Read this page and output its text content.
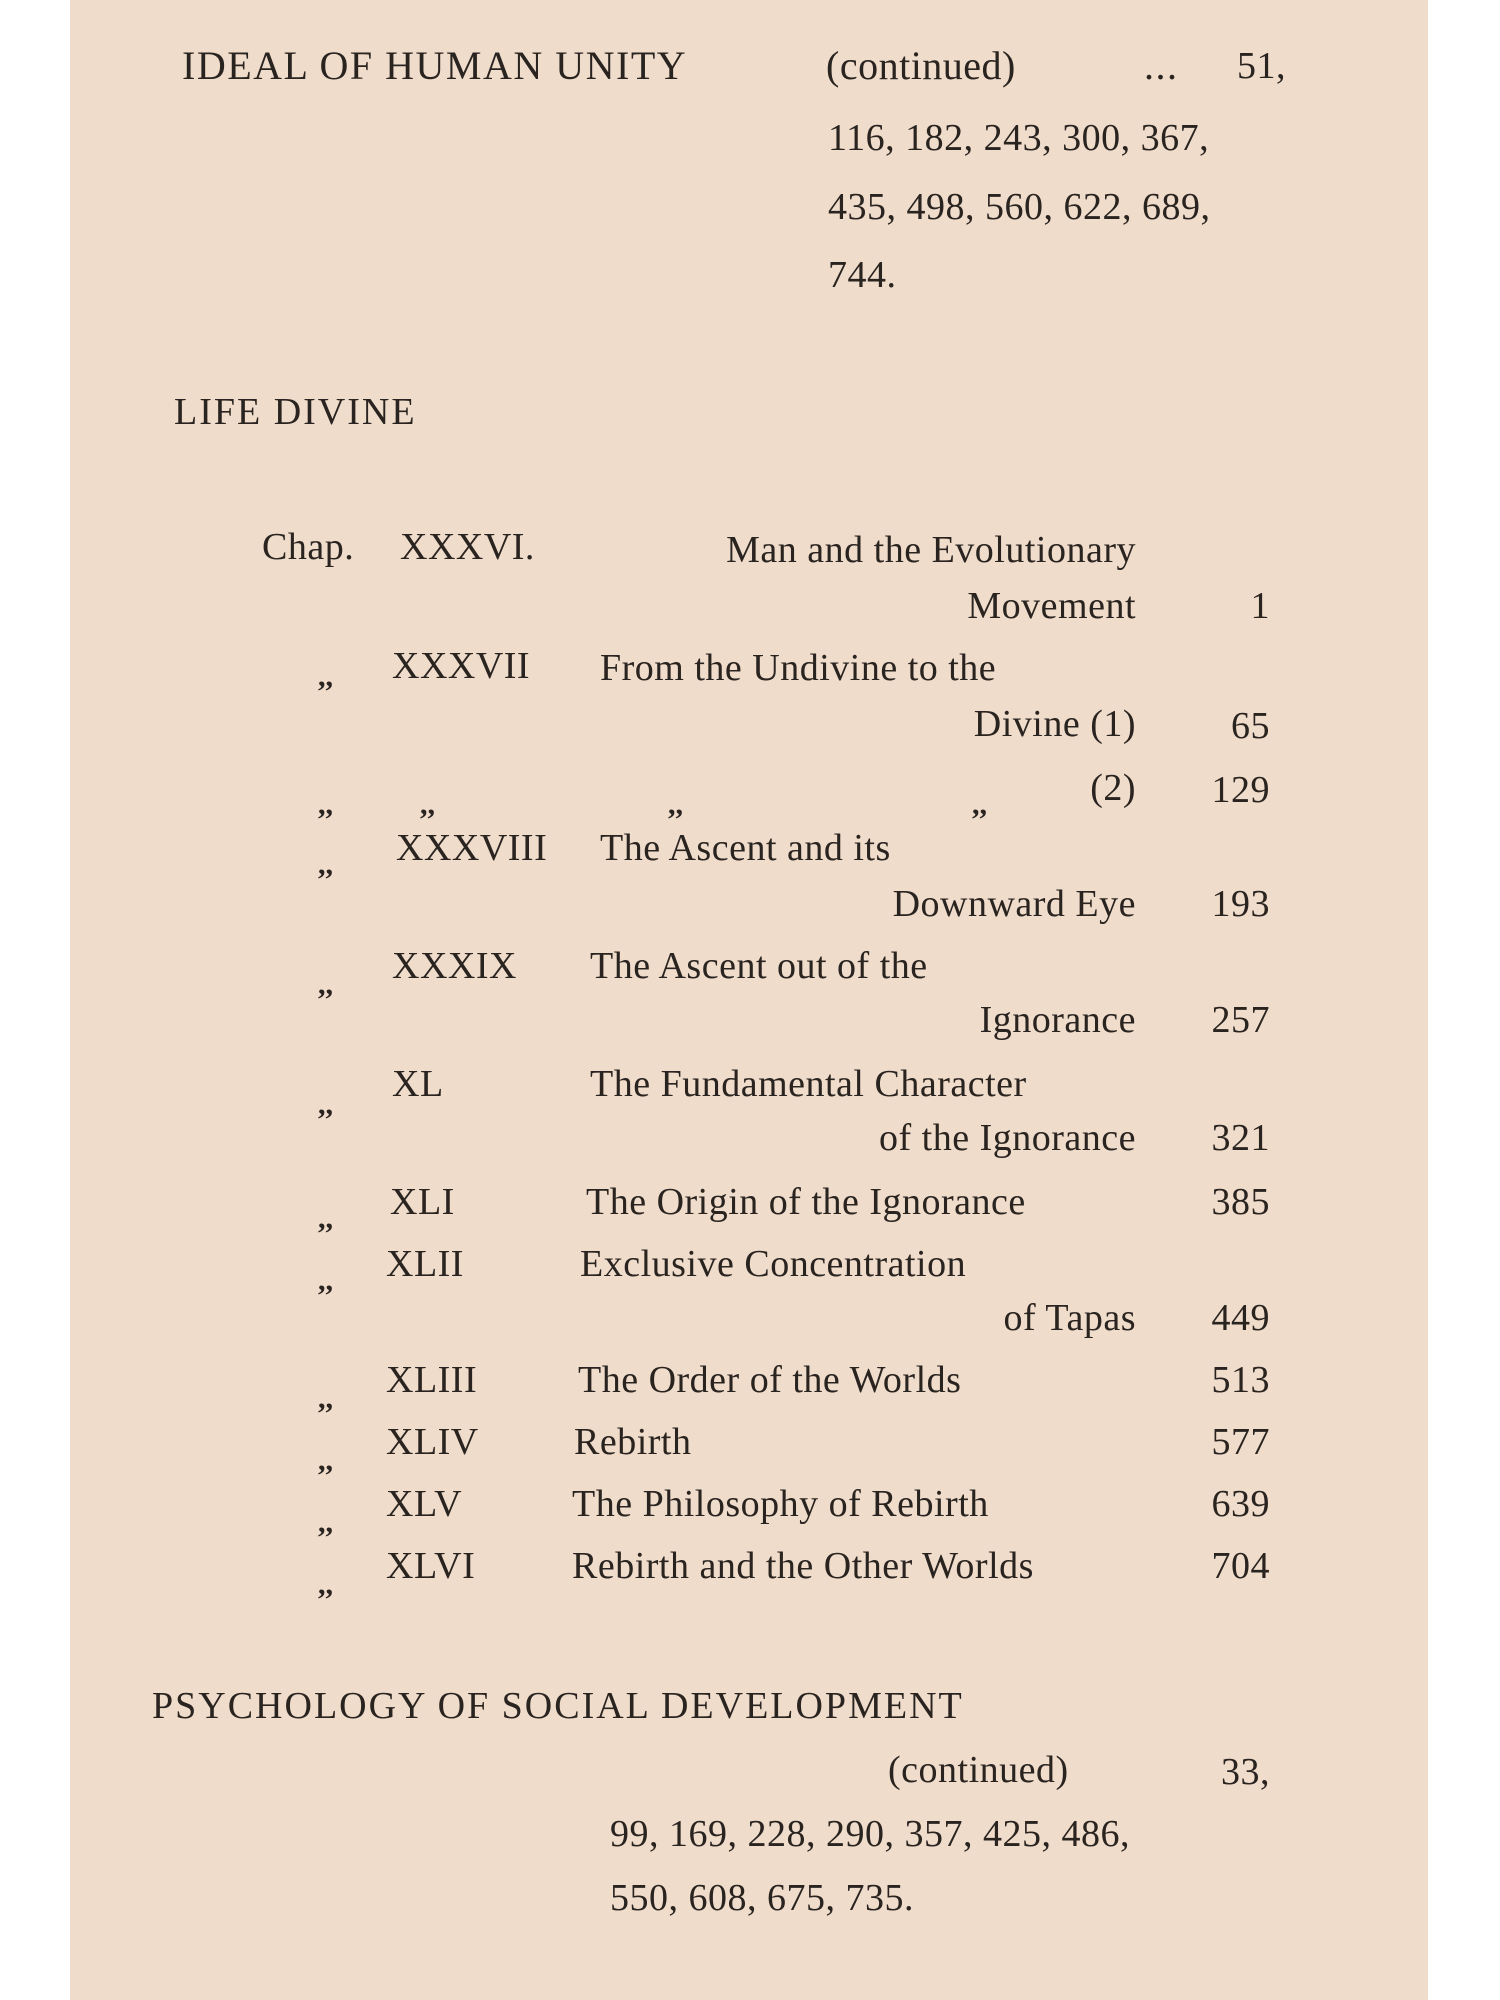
IDEAL OF HUMAN UNITY	(continued)	... 51,
116, 182, 243, 300, 367,
435, 498, 560, 622, 689,
744.
LIFE DIVINE
Chap. XXXVI.	Man and the Evolutionary
Movement	1
,, XXXVII From the Undivine to the
Divine (1)	65
,,	,,	,,	,,	(2) 129
,, XXXVIII The Ascent and its
Downward Eye 193
,, XXXIX The Ascent out of the
Ignorance 257
,, XL	The Fundamental Character
of the Ignorance 321
,, XLI	The Origin of the Ignorance	385
,, XLII	Exclusive Concentration
of Tapas 449
,, XLIII	The Order of the Worlds	513
,, XLIV	Rebirth	577
,, XLV	The Philosophy of Rebirth	639
,, XLVI	Rebirth and the Other Worlds	704
PSYCHOLOGY OF SOCIAL DEVELOPMENT
(continued)	33,
99, 169, 228, 290, 357, 425, 486,
550, 608, 675, 735.
